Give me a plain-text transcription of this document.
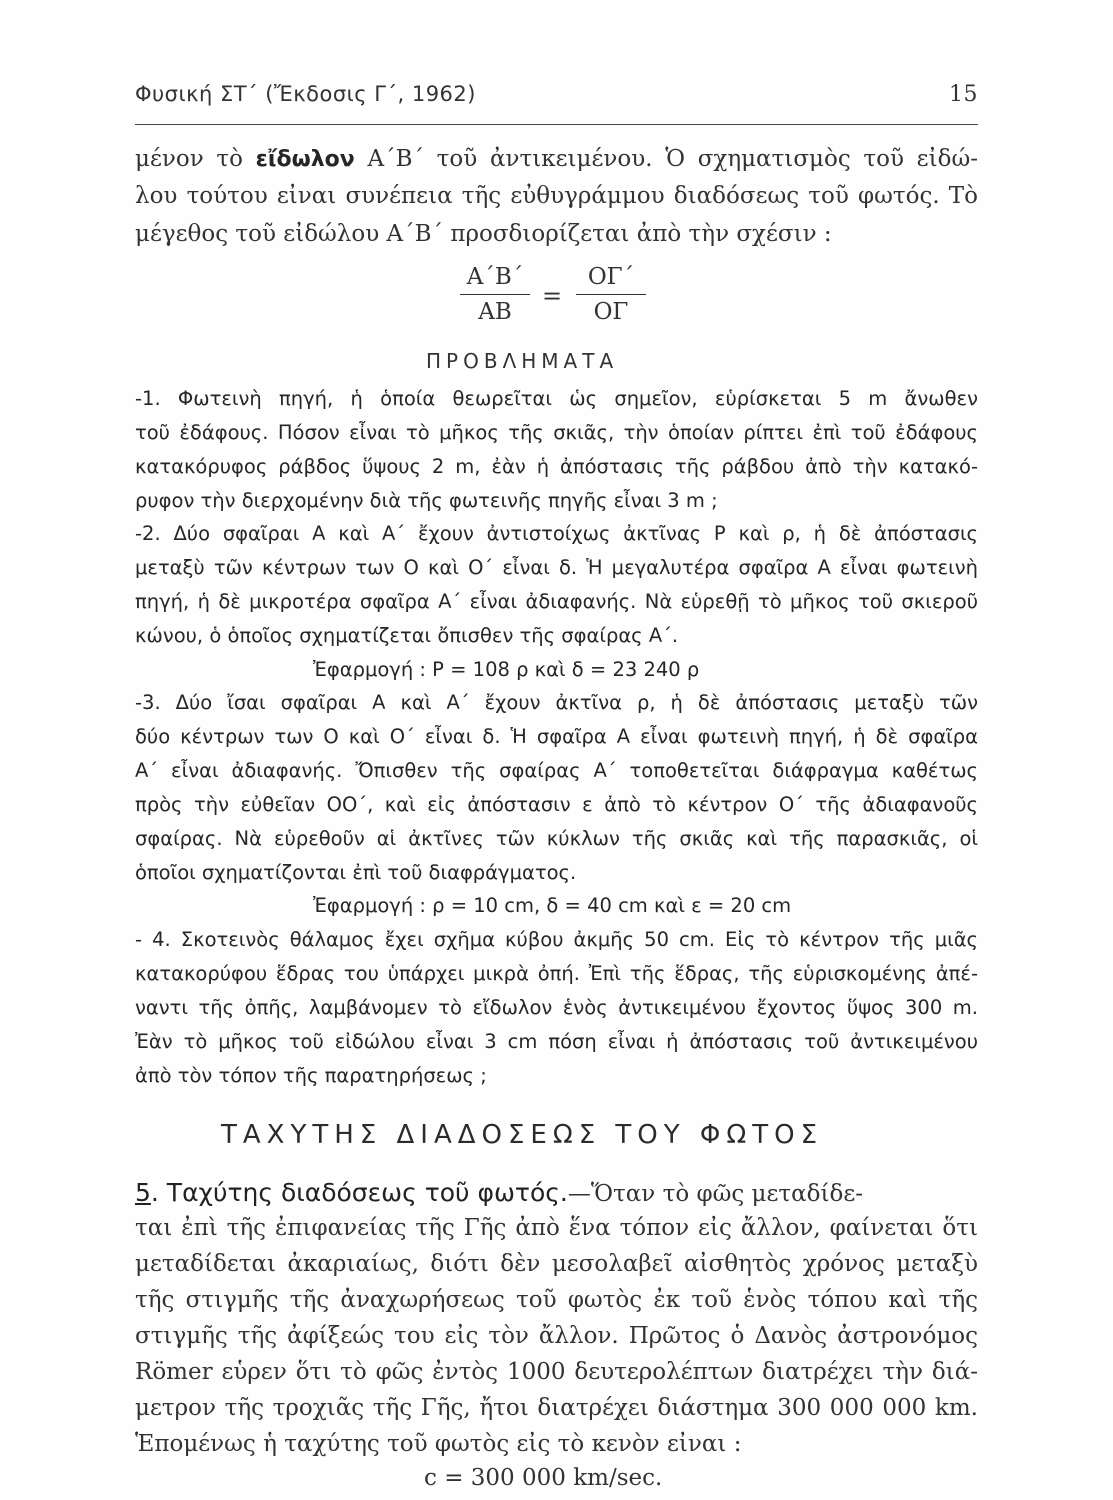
Φυσική ΣΤ΄ (Ἔκδοσις Γ΄, 1962)	15
μένον τὸ εἴδωλον Α΄Β΄ τοῦ ἀντικειμένου. Ὁ σχηματισμὸς τοῦ εἰδώ-
λου τούτου εἶναι συνέπεια τῆς εὐθυγράμμου διαδόσεως τοῦ φωτός. Τὸ
μέγεθος τοῦ εἰδώλου Α΄Β΄ προσδιορίζεται ἀπὸ τὴν σχέσιν :
$\frac{A΄B΄}{AB} = \frac{O\Gamma΄}{O\Gamma}$
ΠΡΟΒΛΗΜΑΤΑ
-1. Φωτεινὴ πηγή, ἡ ὁποία θεωρεῖται ὡς σημεῖον, εὑρίσκεται 5 m ἄνωθεν
τοῦ ἐδάφους. Πόσον εἶναι τὸ μῆκος τῆς σκιᾶς, τὴν ὁποίαν ρίπτει ἐπὶ τοῦ ἐδάφους
κατακόρυφος ράβδος ὕψους 2 m, ἐὰν ἡ ἀπόστασις τῆς ράβδου ἀπὸ τὴν κατακό-
ρυφον τὴν διερχομένην διὰ τῆς φωτεινῆς πηγῆς εἶναι 3 m ;
-2. Δύο σφαῖραι Α καὶ Α΄ ἔχουν ἀντιστοίχως ἀκτῖνας Ρ καὶ ρ, ἡ δὲ ἀπόστασις
μεταξὺ τῶν κέντρων των Ο καὶ Ο΄ εἶναι δ. Ἡ μεγαλυτέρα σφαῖρα Α εἶναι φωτεινὴ
πηγή, ἡ δὲ μικροτέρα σφαῖρα Α΄ εἶναι ἀδιαφανής. Νὰ εὑρεθῇ τὸ μῆκος τοῦ σκιεροῦ
κώνου, ὁ ὁποῖος σχηματίζεται ὄπισθεν τῆς σφαίρας Α΄.
Ἐφαρμογή : Ρ = 108 ρ καὶ δ = 23 240 ρ
-3. Δύο ἴσαι σφαῖραι Α καὶ Α΄ ἔχουν ἀκτῖνα ρ, ἡ δὲ ἀπόστασις μεταξὺ τῶν
δύο κέντρων των Ο καὶ Ο΄ εἶναι δ. Ἡ σφαῖρα Α εἶναι φωτεινὴ πηγή, ἡ δὲ σφαῖρα
Α΄ εἶναι ἀδιαφανής. Ὄπισθεν τῆς σφαίρας Α΄ τοποθετεῖται διάφραγμα καθέτως
πρὸς τὴν εὐθεῖαν ΟΟ΄, καὶ εἰς ἀπόστασιν ε ἀπὸ τὸ κέντρον Ο΄ τῆς ἀδιαφανοῦς
σφαίρας. Νὰ εὑρεθοῦν αἱ ἀκτῖνες τῶν κύκλων τῆς σκιᾶς καὶ τῆς παρασκιᾶς, οἱ
ὁποῖοι σχηματίζονται ἐπὶ τοῦ διαφράγματος.
Ἐφαρμογή : ρ = 10 cm, δ = 40 cm καὶ ε = 20 cm
- 4. Σκοτεινὸς θάλαμος ἔχει σχῆμα κύβου ἀκμῆς 50 cm. Εἰς τὸ κέντρον τῆς μιᾶς
κατακορύφου ἕδρας του ὑπάρχει μικρὰ ὀπή. Ἐπὶ τῆς ἕδρας, τῆς εὑρισκομένης ἀπέ-
ναντι τῆς ὀπῆς, λαμβάνομεν τὸ εἴδωλον ἑνὸς ἀντικειμένου ἔχοντος ὕψος 300 m.
Ἐὰν τὸ μῆκος τοῦ εἰδώλου εἶναι 3 cm πόση εἶναι ἡ ἀπόστασις τοῦ ἀντικειμένου
ἀπὸ τὸν τόπον τῆς παρατηρήσεως ;
ΤΑΧΥΤΗΣ ΔΙΑΔΟΣΕΩΣ ΤΟΥ ΦΩΤΟΣ
5. Ταχύτης διαδόσεως τοῦ φωτός.—Ὅταν τὸ φῶς μεταδίδε-
ται ἐπὶ τῆς ἐπιφανείας τῆς Γῆς ἀπὸ ἕνα τόπον εἰς ἄλλον, φαίνεται ὅτι
μεταδίδεται ἀκαριαίως, διότι δὲν μεσολαβεῖ αἰσθητὸς χρόνος μεταξὺ
τῆς στιγμῆς τῆς ἀναχωρήσεως τοῦ φωτὸς ἐκ τοῦ ἑνὸς τόπου καὶ τῆς
στιγμῆς τῆς ἀφίξεώς του εἰς τὸν ἄλλον. Πρῶτος ὁ Δανὸς ἀστρονόμος
Römer εὗρεν ὅτι τὸ φῶς ἐντὸς 1000 δευτερολέπτων διατρέχει τὴν διά-
μετρον τῆς τροχιᾶς τῆς Γῆς, ἤτοι διατρέχει διάστημα 300 000 000 km.
Ἑπομένως ἡ ταχύτης τοῦ φωτὸς εἰς τὸ κενὸν εἶναι :
c = 300 000 km/sec.
